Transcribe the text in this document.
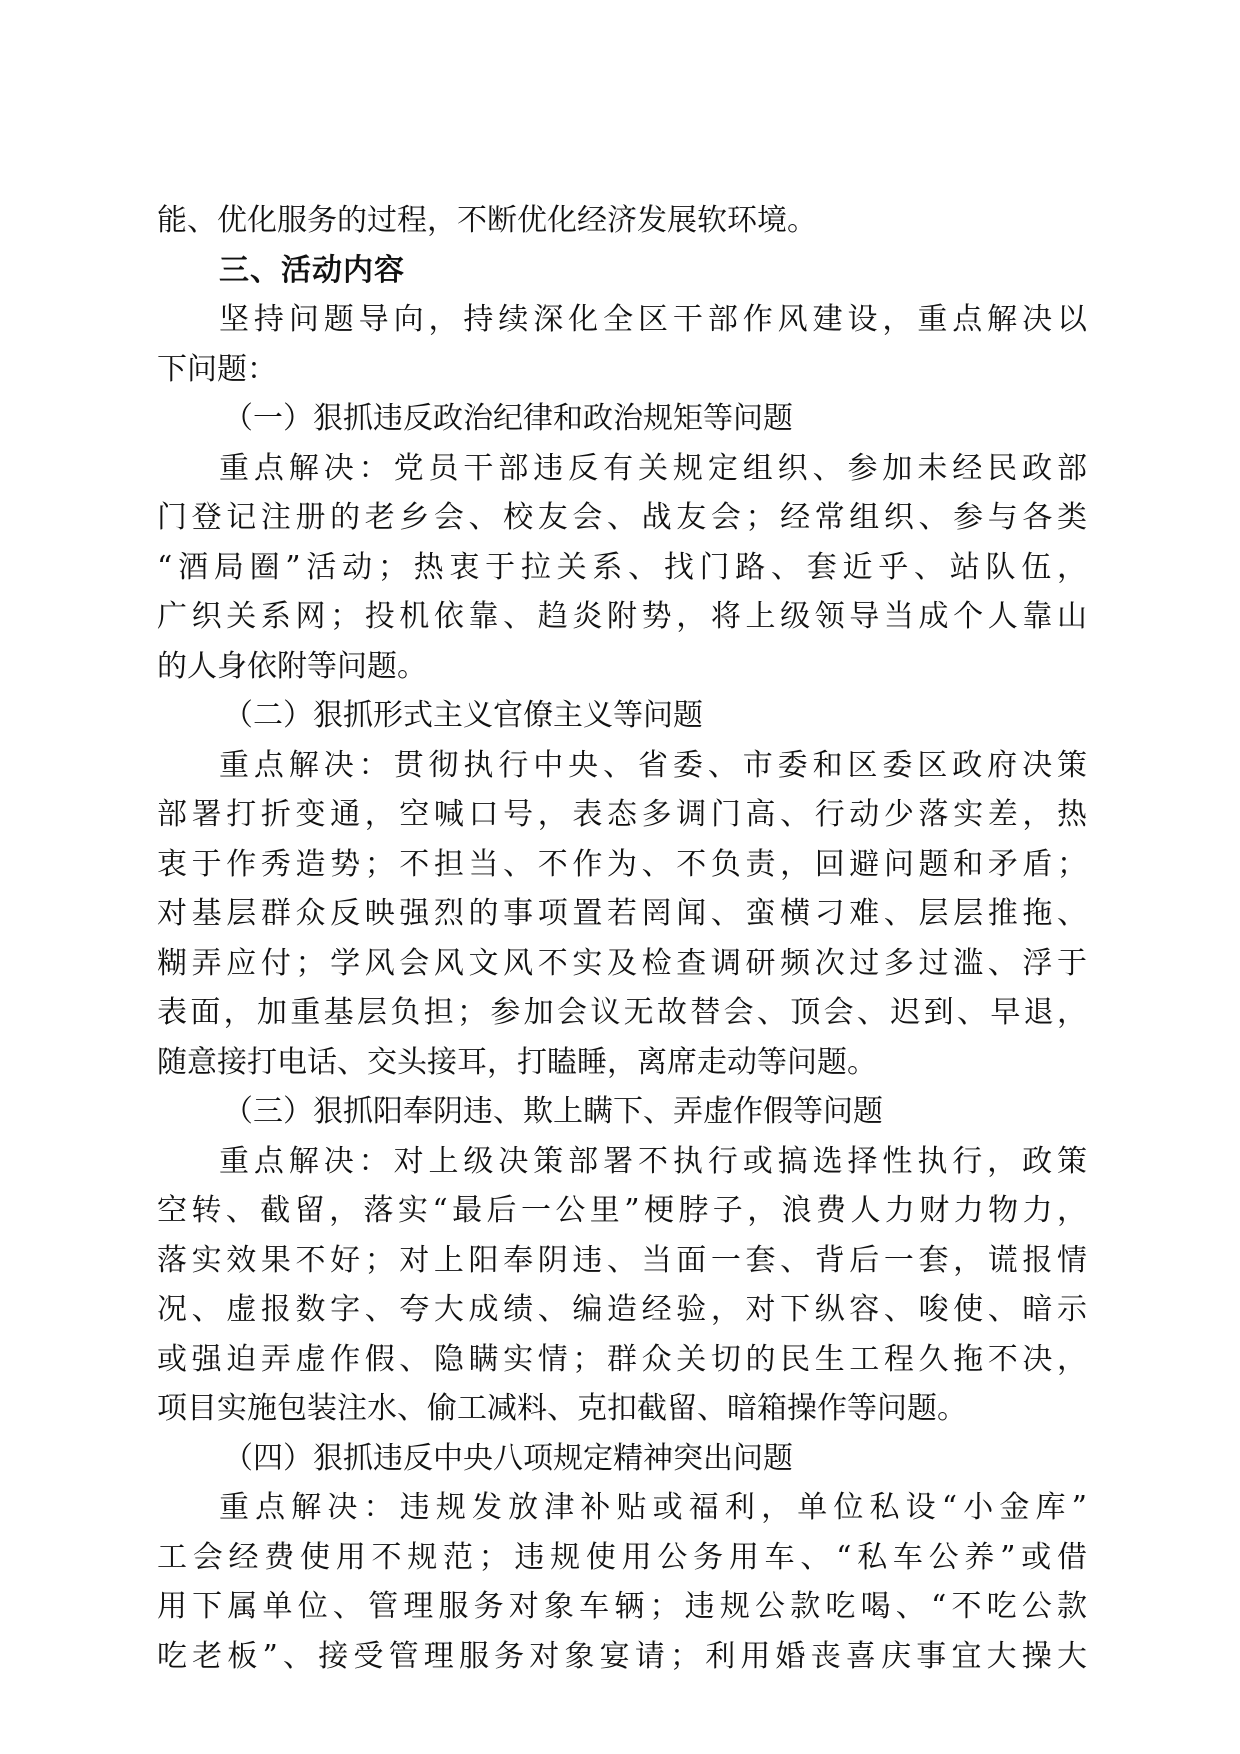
能、优化服务的过程，不断优化经济发展软环境。
三、活动内容
坚持问题导向，持续深化全区干部作风建设，重点解决以
下问题：
（一）狠抓违反政治纪律和政治规矩等问题
重点解决：党员干部违反有关规定组织、参加未经民政部
门登记注册的老乡会、校友会、战友会；经常组织、参与各类
“酒局圈”活动；热衷于拉关系、找门路、套近乎、站队伍，
广织关系网；投机依靠、趋炎附势，将上级领导当成个人靠山
的人身依附等问题。
（二）狠抓形式主义官僚主义等问题
重点解决：贯彻执行中央、省委、市委和区委区政府决策
部署打折变通，空喊口号，表态多调门高、行动少落实差，热
衷于作秀造势；不担当、不作为、不负责，回避问题和矛盾；
对基层群众反映强烈的事项置若罔闻、蛮横刁难、层层推拖、
糊弄应付；学风会风文风不实及检查调研频次过多过滥、浮于
表面，加重基层负担；参加会议无故替会、顶会、迟到、早退，
随意接打电话、交头接耳，打瞌睡，离席走动等问题。
（三）狠抓阳奉阴违、欺上瞒下、弄虚作假等问题
重点解决：对上级决策部署不执行或搞选择性执行，政策
空转、截留，落实“最后一公里”梗脖子，浪费人力财力物力，
落实效果不好；对上阳奉阴违、当面一套、背后一套，谎报情
况、虚报数字、夸大成绩、编造经验，对下纵容、唆使、暗示
或强迫弄虚作假、隐瞒实情；群众关切的民生工程久拖不决，
项目实施包装注水、偷工减料、克扣截留、暗箱操作等问题。
（四）狠抓违反中央八项规定精神突出问题
重点解决：违规发放津补贴或福利，单位私设“小金库”
工会经费使用不规范；违规使用公务用车、“私车公养”或借
用下属单位、管理服务对象车辆；违规公款吃喝、“不吃公款
吃老板”、接受管理服务对象宴请；利用婚丧喜庆事宜大操大
